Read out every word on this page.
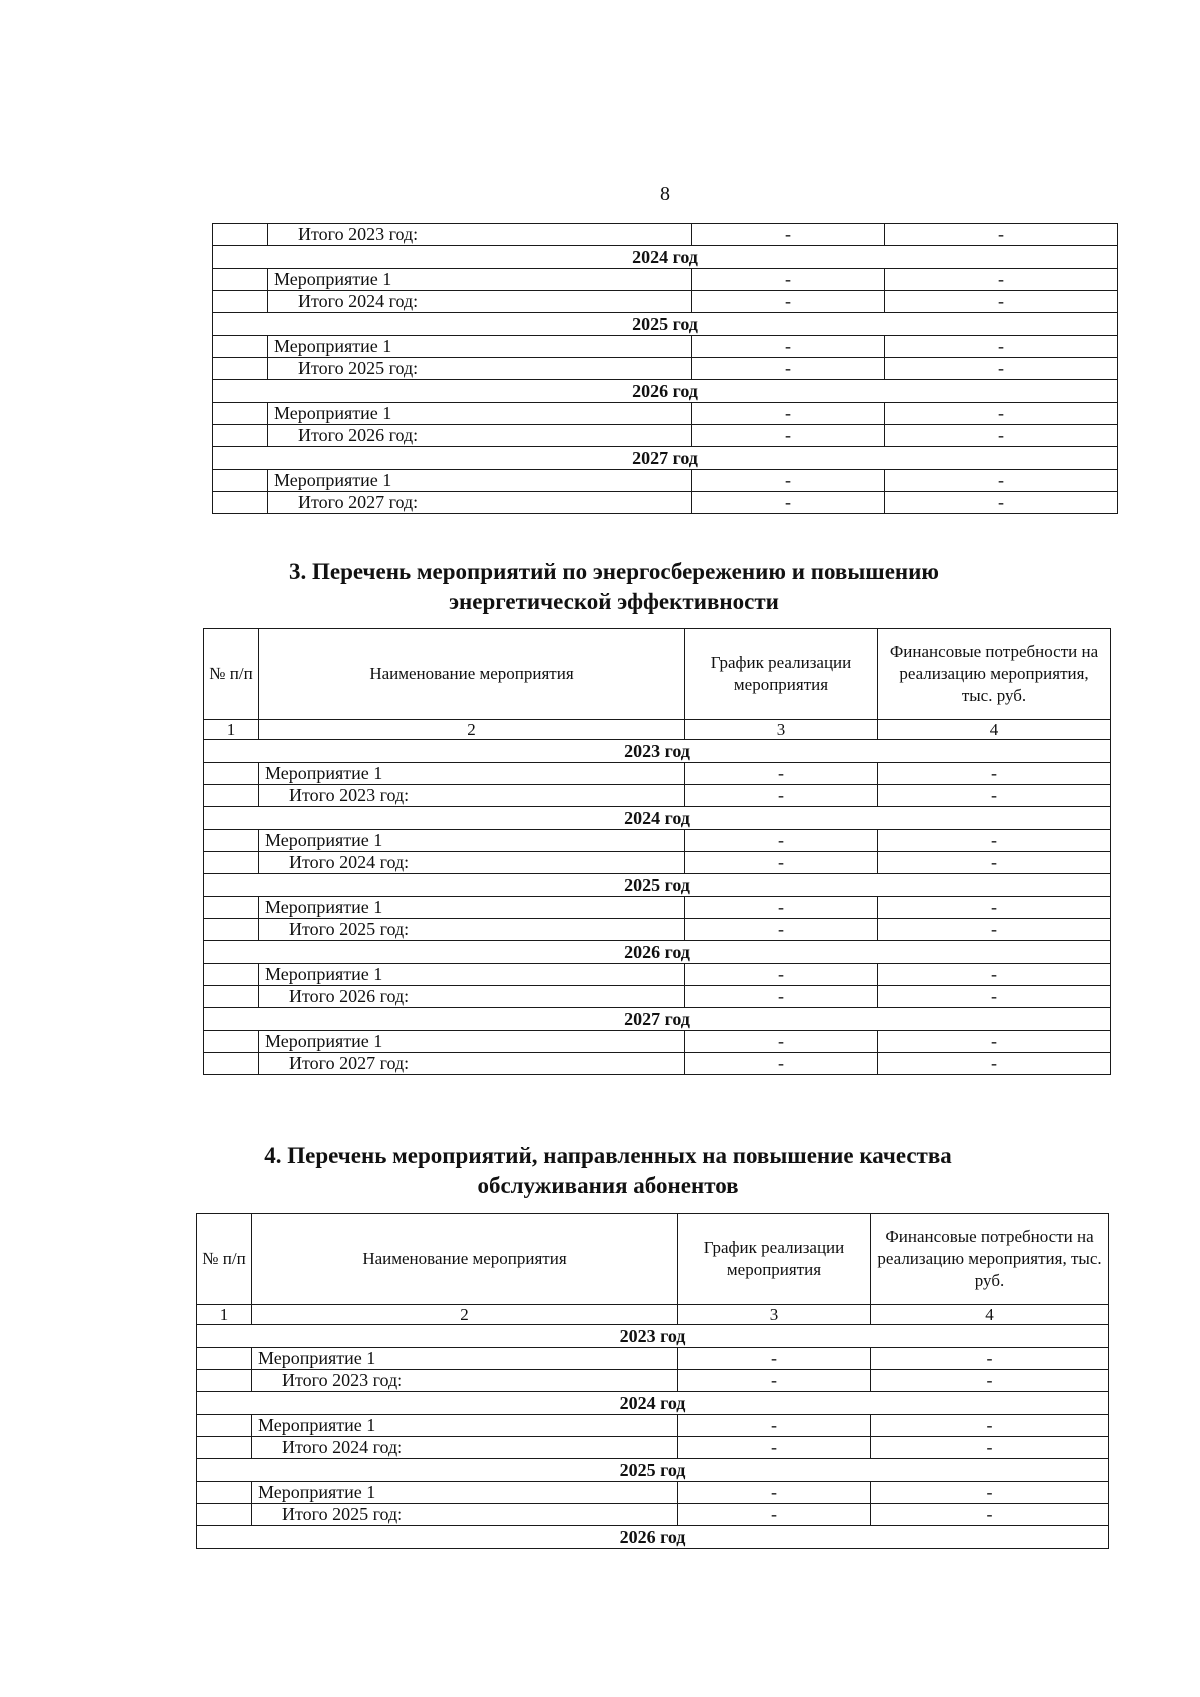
8
	Итого 2023 год:	-	-
2024 год			
	Мероприятие 1	-	-
	Итого 2024 год:	-	-
2025 год			
	Мероприятие 1	-	-
	Итого 2025 год:	-	-
2026 год			
	Мероприятие 1	-	-
	Итого 2026 год:	-	-
2027 год			
	Мероприятие 1	-	-
	Итого 2027 год:	-	-
3. Перечень мероприятий по энергосбережению и повышению
энергетической эффективности
№ п/п	Наименование мероприятия	График реализации мероприятия	Финансовые потребности на реализацию мероприятия, тыс. руб.
1	2	3	4
2023 год			
	Мероприятие 1	-	-
	Итого 2023 год:	-	-
2024 год			
	Мероприятие 1	-	-
	Итого 2024 год:	-	-
2025 год			
	Мероприятие 1	-	-
	Итого 2025 год:	-	-
2026 год			
	Мероприятие 1	-	-
	Итого 2026 год:	-	-
2027 год			
	Мероприятие 1	-	-
	Итого 2027 год:	-	-
4. Перечень мероприятий, направленных на повышение качества
обслуживания абонентов
№ п/п	Наименование мероприятия	График реализации мероприятия	Финансовые потребности на реализацию мероприятия, тыс. руб.
1	2	3	4
2023 год			
	Мероприятие 1	-	-
	Итого 2023 год:	-	-
2024 год			
	Мероприятие 1	-	-
	Итого 2024 год:	-	-
2025 год			
	Мероприятие 1	-	-
	Итого 2025 год:	-	-
2026 год			
